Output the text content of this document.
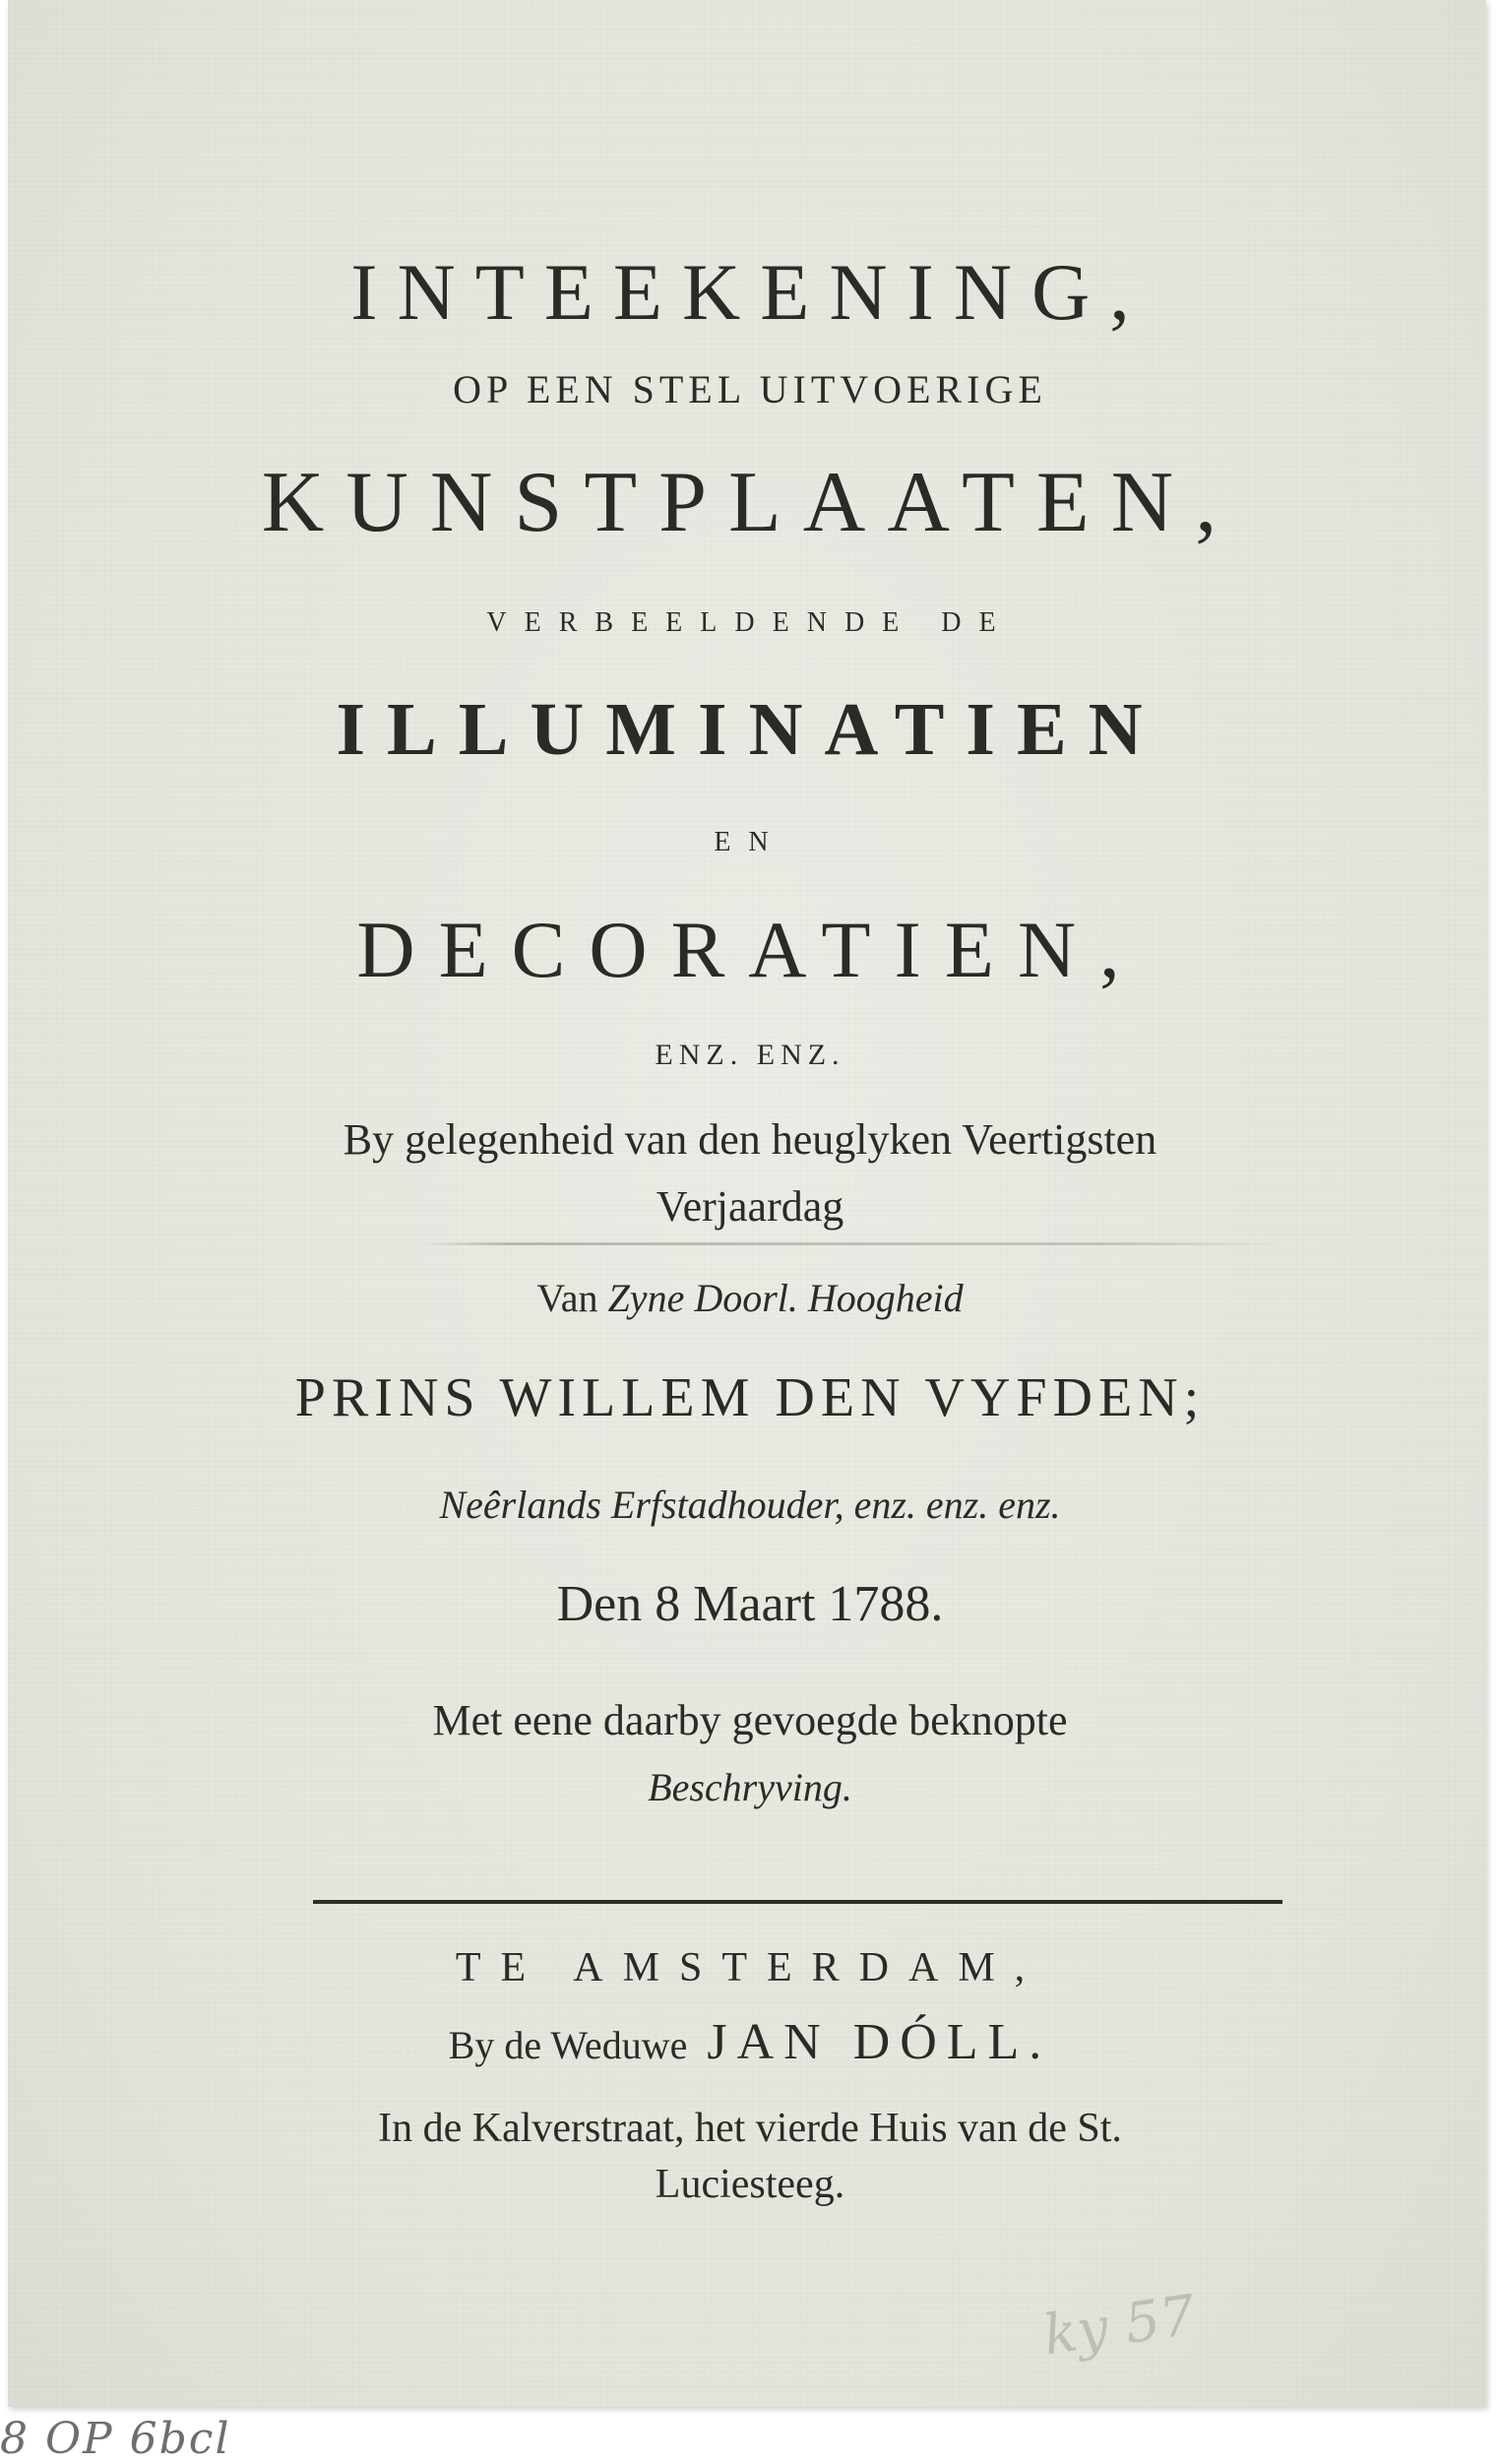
INTEEKENING,

OP EEN STEL UITVOERIGE

KUNSTPLAATEN,

VERBEELDENDE DE

ILLUMINATIEN

EN

DECORATIEN,

ENZ. ENZ.

By gelegenheid van den heuglyken Veertigsten

Verjaardag

Van Zyne Doorl. Hoogheid

PRINS WILLEM DEN VYFDEN;

Neêrlands Erfstadhouder, enz. enz. enz.

Den 8 Maart 1788.

Met eene daarby gevoegde beknopte

Beschryving.

TE AMSTERDAM,

By de Weduwe JAN DÓLL.

In de Kalverstraat, het vierde Huis van de St.

Luciesteeg.

ky 57
8 OP 6bcl
